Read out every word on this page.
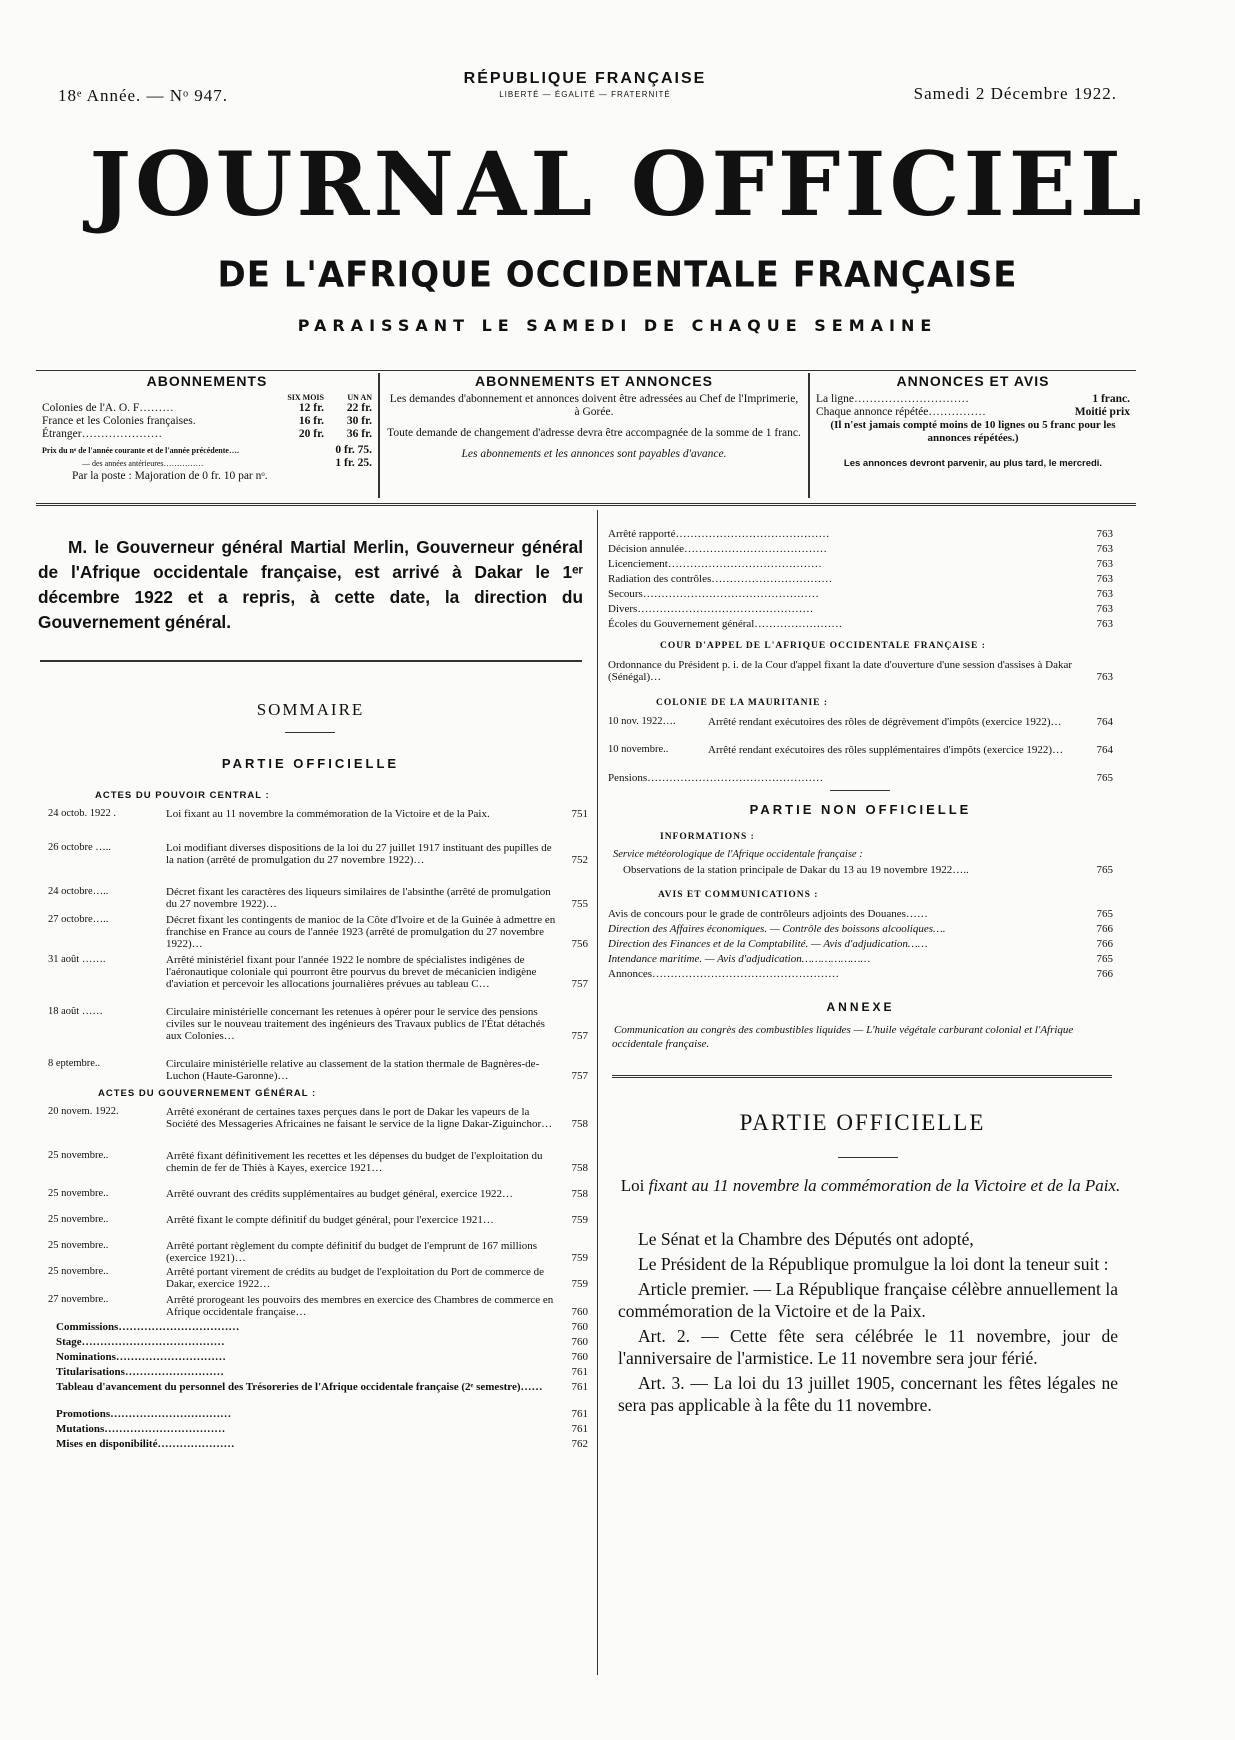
18ᵉ Année. — Nᵒ 947.
RÉPUBLIQUE FRANÇAISE
LIBERTÉ — ÉGALITÉ — FRATERNITÉ	Samedi 2 Décembre 1922.
JOURNAL OFFICIEL
DE L'AFRIQUE OCCIDENTALE FRANÇAISE
PARAISSANT LE SAMEDI DE CHAQUE SEMAINE
ABONNEMENTS
SIX MOIS	UN AN
Colonies de l'A. O. F………	12 fr.	22 fr.
France et les Colonies françaises.	16 fr.	30 fr.
Étranger…………………	20 fr.	36 fr.
Prix du nᵒ de l'année courante et de l'année précédente….	0 fr. 75.
— des années antérieures……………	1 fr. 25.
Par la poste : Majoration de 0 fr. 10 par nᵒ.
ABONNEMENTS ET ANNONCES

Les demandes d'abonnement et annonces doivent être adressées au Chef de l'Imprimerie, à Gorée.

Toute demande de changement d'adresse devra être accompagnée de la somme de 1 franc.

Les abonnements et les annonces sont payables d'avance.

ANNONCES ET AVIS
La ligne…………………………	1 franc.
Chaque annonce répétée……………	Moitié prix

(Il n'est jamais compté moins de 10 lignes ou 5 franc pour les annonces répétées.)

Les annonces devront parvenir, au plus tard, le mercredi.

M. le Gouverneur général Martial Merlin, Gouverneur général de l'Afrique occidentale française, est arrivé à Dakar le 1ᵉʳ décembre 1922 et a repris, à cette date, la direction du Gouvernement général.
SOMMAIRE
PARTIE OFFICIELLE
ACTES DU POUVOIR CENTRAL :
24 octob. 1922 .	Loi fixant au 11 novembre la commémoration de la Victoire et de la Paix.	751
26 octobre …..	Loi modifiant diverses dispositions de la loi du 27 juillet 1917 instituant des pupilles de la nation (arrêté de promulgation du 27 novembre 1922)…	752
24 octobre…..	Décret fixant les caractères des liqueurs similaires de l'absinthe (arrêté de promulgation du 27 novembre 1922)…	755
27 octobre…..	Décret fixant les contingents de manioc de la Côte d'Ivoire et de la Guinée à admettre en franchise en France au cours de l'année 1923 (arrêté de promulgation du 27 novembre 1922)…	756
31 août …….	Arrêté ministériel fixant pour l'année 1922 le nombre de spécialistes indigènes de l'aéronautique coloniale qui pourront être pourvus du brevet de mécanicien indigène d'aviation et percevoir les allocations journalières prévues au tableau C…	757
18 août ……	Circulaire ministérielle concernant les retenues à opérer pour le service des pensions civiles sur le nouveau traitement des ingénieurs des Travaux publics de l'État détachés aux Colonies…	757
8 eptembre..	Circulaire ministérielle relative au classement de la station thermale de Bagnères-de-Luchon (Haute-Garonne)…	757
ACTES DU GOUVERNEMENT GÉNÉRAL :
20 novem. 1922.	Arrêté exonérant de certaines taxes perçues dans le port de Dakar les vapeurs de la Société des Messageries Africaines ne faisant le service de la ligne Dakar-Ziguinchor…	758
25 novembre..	Arrêté fixant définitivement les recettes et les dépenses du budget de l'exploitation du chemin de fer de Thiès à Kayes, exercice 1921…	758
25 novembre..	Arrêté ouvrant des crédits supplémentaires au budget général, exercice 1922…	758
25 novembre..	Arrêté fixant le compte définitif du budget général, pour l'exercice 1921…	759
25 novembre..	Arrêté portant règlement du compte définitif du budget de l'emprunt de 167 millions (exercice 1921)…	759
25 novembre..	Arrêté portant virement de crédits au budget de l'exploitation du Port de commerce de Dakar, exercice 1922…	759
27 novembre..	Arrêté prorogeant les pouvoirs des membres en exercice des Chambres de commerce en Afrique occidentale française…	760
Commissions……………………………	760
Stage…………………………………	760
Nominations…………………………	760
Titularisations………………………	761
Tableau d'avancement du personnel des Trésoreries de l'Afrique occidentale française (2ᵉ semestre)……	761
Promotions……………………………	761
Mutations……………………………	761
Mises en disponibilité…………………	762
Arrêté rapporté……………………………………	763
Décision annulée…………………………………	763
Licenciement……………………………………	763
Radiation des contrôles……………………………	763
Secours…………………………………………	763
Divers…………………………………………	763
Écoles du Gouvernement général……………………	763
COUR D'APPEL DE L'AFRIQUE OCCIDENTALE FRANÇAISE :
Ordonnance du Président p. i. de la Cour d'appel fixant la date d'ouverture d'une session d'assises à Dakar (Sénégal)…	763
COLONIE DE LA MAURITANIE :
10 nov. 1922….	Arrêté rendant exécutoires des rôles de dégrèvement d'impôts (exercice 1922)…	764
10 novembre..	Arrêté rendant exécutoires des rôles supplémentaires d'impôts (exercice 1922)…	764
Pensions…………………………………………	765
PARTIE NON OFFICIELLE
INFORMATIONS :
Service météorologique de l'Afrique occidentale française :
Observations de la station principale de Dakar du 13 au 19 novembre 1922…..	765
AVIS ET COMMUNICATIONS :
Avis de concours pour le grade de contrôleurs adjoints des Douanes……	765
Direction des Affaires économiques. — Contrôle des boissons alcooliques….	766
Direction des Finances et de la Comptabilité. — Avis d'adjudication……	766
Intendance maritime. — Avis d'adjudication…………………	765
Annonces……………………………………………	766
ANNEXE
Communication au congrès des combustibles liquides — L'huile végétale carburant colonial et l'Afrique occidentale française.
PARTIE OFFICIELLE
Loi fixant au 11 novembre la commémoration de la Victoire et de la Paix.

Le Sénat et la Chambre des Députés ont adopté,

Le Président de la République promulgue la loi dont la teneur suit :

Article premier. — La République française célèbre annuellement la commémoration de la Victoire et de la Paix.

Art. 2. — Cette fête sera célébrée le 11 novembre, jour de l'anniversaire de l'armistice. Le 11 novembre sera jour férié.

Art. 3. — La loi du 13 juillet 1905, concernant les fêtes légales ne sera pas applicable à la fête du 11 novembre.
